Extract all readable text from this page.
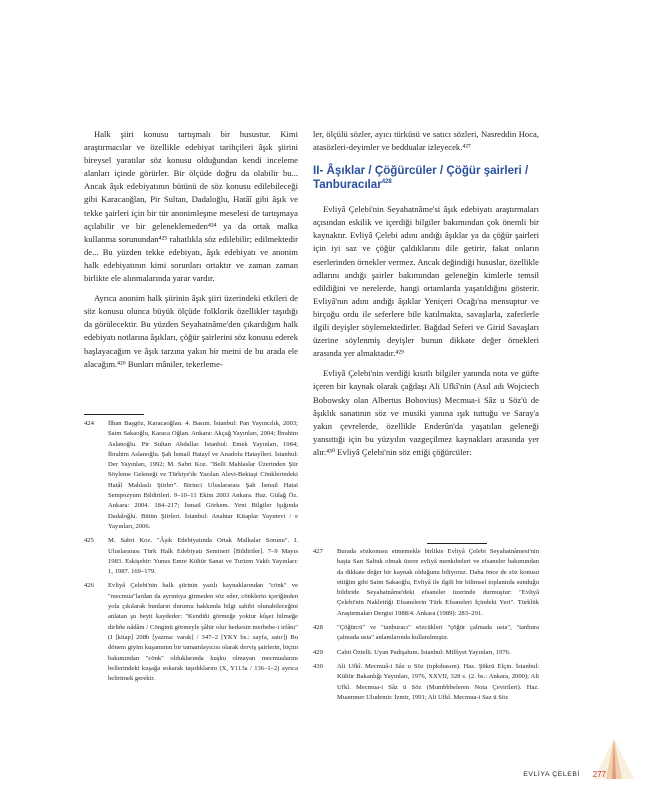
Halk şiiri konusu tartışmalı bir husustur. Kimi araştırmacılar ve özellikle edebiyat tarihçileri âşık şiirini bireysel yaratılar söz konusu olduğundan kendi inceleme alanları içinde görürler. Bir ölçüde doğru da olabilir bu... Ancak âşık edebiyatının bütünü de söz konusu edilebileceği gibi Karacaoğlan, Pir Sultan, Dadaloğlu, Hatâî gibi âşık ve tekke şairleri için bir tür anonimleşme meselesi de tartışmaya açılabilir ve bir geleneklemeden⁴²⁴ ya da ortak malka kullanma sorunundan⁴²⁵ rahatlıkla söz edilebilir; edilmektedir de... Bu yüzden tekke edebiyatı, âşık edebiyatı ve anonim halk edebiyatının kimi sorunları ortaktır ve zaman zaman birlikte ele alınmalarında yarar vardır.

Ayrıca anonim halk şiirinin âşık şiiri üzerindeki etkileri de söz konusu olunca büyük ölçüde folklorik özellikler taşıdığı da görülecektir. Bu yüzden Seyahatnâme'den çıkardığım halk edebiyatı notlarına âşıkları, çöğür şairlerini söz konusu ederek başlayacağım ve âşık tarzına yakın bir metni de bu arada ele alacağım.⁴²⁶ Bunları mâniler, tekerleme-

ler, ölçülü sözler, ayıcı türküsü ve satıcı sözleri, Nasreddin Hoca, atasözleri-deyimler ve beddualar izleyecek.⁴²⁷

II- Âşıklar / Çöğürcüler / Çöğür şairleri / Tanburacılar$^{428}$

Evliyâ Çelebi'nin Seyahatnâme'si âşık edebiyatı araştırmaları açısından eskilik ve içerdiği bilgiler bakımından çok önemli bir kaynaktır. Evliyâ Çelebi adını andığı âşıklar ya da çöğür şairleri için iyi saz ve çöğür çaldıklarını dile getirir, fakat onların eserlerinden örnekler vermez. Ancak değindiği hususlar, özellikle adlarını andığı şairler bakımından geleneğin kimlerle temsil edildiğini ve nerelerde, hangi ortamlarda yaşatıldığını gösterir. Evliyâ'nın adını andığı âşıklar Yeniçeri Ocağı'na mensuptur ve birçoğu ordu ile seferlere bile katılmakta, savaşlarla, zaferlerle ilgili deyişler söylemektedirler. Bağdad Seferi ve Girid Savaşları üzerine söylenmiş deyişler bunun dikkate değer örnekleri arasında yer almaktadır.⁴²⁹

Evliyâ Çelebi'nin verdiği kısıtlı bilgiler yanında nota ve güfte içeren bir kaynak olarak çağdaşı Ali Ufkî'nin (Asıl adı Wojciech Bobowsky olan Albertus Bobovius) Mecmua-i Sâz u Söz'ü de âşıklık sanatının söz ve musiki yanına ışık tuttuğu ve Saray'a yakın çevrelerde, özellikle Enderûn'da yaşatılan geleneği yansıttığı için bu yüzyılın vazgeçilmez kaynakları arasında yer alır.⁴³⁰ Evliyâ Çelebi'nin söz ettiği çöğürcüler:

424 İlhan Başgöz, Karacaoğlan. 4. Basım. İstanbul: Pan Yayıncılık, 2003; Saim Sakaoğlu, Karaca Oğlan. Ankara: Akçağ Yayınları, 2004; İbrahim Aslanoğlu. Pir Sultan Abdallar. İstanbul: Emek Yayınları, 1984; İbrahim Aslanoğlu. Şah İsmail Hatayî ve Anadolu Hatayîleri. İstanbul: Der Yayınları, 1992; M. Sabri Koz. "Belli Mahlaslar Üzerinden Şiir Söyleme Geleneği ve Türkiye'de Yazılan Alevi-Bektaşi Cönklerindeki Hatâî Mahlaslı Şiirler". Birinci Uluslararası Şah İsmail Hatai Sempozyum Bildirileri. 9–10–11 Ekim 2003 Ankara. Haz. Gülağ Öz. Ankara: 2004. 184–217; İsmail Görkem. Yeni Bilgiler Işığında Dadaloğlu. Bütün Şiirleri. İstanbul: Anahtar Kitaplar Yayınevi / e Yayınları, 2006.
425 M. Sabri Koz. "Âşık Edebiyatında Ortak Malkalar Sorunu". I. Uluslararası Türk Halk Edebiyatı Semineri [Bildiriler]. 7–9 Mayıs 1983. Eskişehir: Yunus Emre Kültür Sanat ve Turizm Vakfı Yayınları: 1, 1987. 169–179.
426 Evliyâ Çelebi'nin halk şiirinin yazılı kaynaklarından "cönk" ve "mecmua"lardan da ayrıntıya girmeden söz eder, cönklerin içeriğinden yola çıkılarak bunların durumu hakkında bilgi sahibi olunabileceğini anlatan şu beyti kaydeder: "Kendiñi görmeğe yoktur kûşet bilmeğe dirliñe nâdânı / Cönginü görmeyle şâhir olur herkesin merbebe-i irfânı" (I [kitap] 208b [yazma: varak] / 347–2 [YKY bs.: sayfa, satır]) Bu dönem giyim kuşamının bir tamamlayıcısı olarak derviş şairlerin, biçim bakımından "cönk" olduklarında kuşku olmayan mecmualarını bellerindeki kuşağa sokarak taşıdıklarını (X, Y113a / 136–1–2) ayrıca belirtmek gerekir.
427 Burada sözkonusu etmemekle birlikte Evliyâ Çelebi Seyahatnâmesi'nin başta Sarı Saltuk olmak üzere evliyâ menkıbeleri ve efsaneler bakımından da dikkate değer bir kaynak olduğunu biliyoruz. Daha önce de söz konusu ettiğim gibi Saim Sakaoğlu, Evliyâ ile ilgili bir bilimsel toplantıda sunduğu bildiride Seyahatnâme'deki efsaneler üzerinde durmuştur: "Evliyâ Çelebi'nin Nakletti̇ği Efsanelerin Türk Efsaneleri İçindeki Yeri". Türklük Araştırmaları Dergisi 1988/4. Ankara (1989): 283–291.
428 "Çöğürcü" ve "tanburacı" sözcükleri "çöğür çalmada usta", "tanbura çalmada usta" anlamlarında kullanılmıştır.
429 Cahit Öztelli. Uyan Padişahım. İstanbul: Milliyet Yayınları, 1976.
430 Ali Ufkî. Mecmuâ-i Sâz u Söz (tıpkıbasım). Haz. Şükrü Elçin. İstanbul: Kültür Bakanlığı Yayınları, 1976, XXVII, 328 s. (2. bs.: Ankara, 2000); Ali Ufkî. Mecmua-i Sâz ü Söz (Mumbbbeleren Nota Çevirileri). Haz. Muammer Uludemir. İzmir, 1991; Ali Ufkî. Mecmua-i Saz ü Söz
EVLİYA ÇELEBİ 277
